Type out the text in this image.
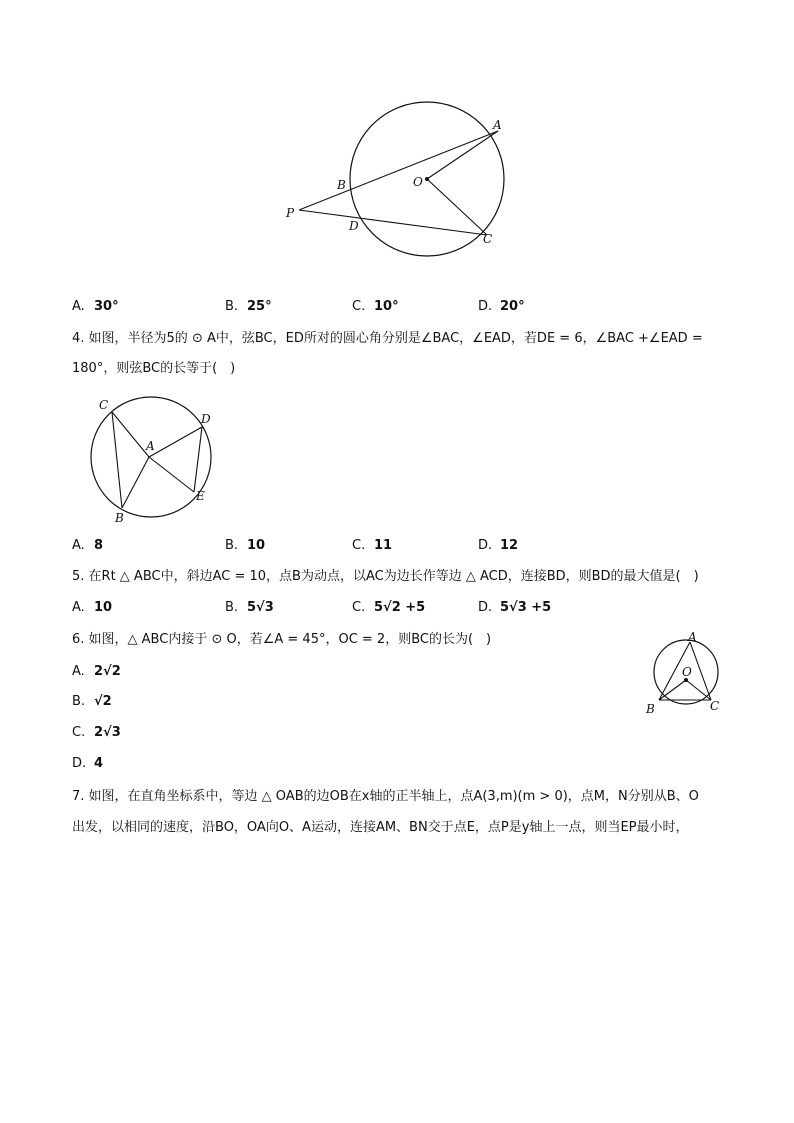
A
B	O
P
D
C
A. 30°	B. 25°	C. 10°	D. 20°
4. 如图，半径为5的 ⊙ A中，弦BC，ED所对的圆心角分别是∠BAC，∠EAD，若DE = 6，∠BAC +∠EAD =
180°，则弦BC的长等于(　)
C
D
A
E
B
A. 8	B. 10	C. 11	D. 12
5. 在Rt △ ABC中，斜边AC = 10，点B为动点，以AC为边长作等边 △ ACD，连接BD，则BD的最大值是(　)
A. 10	B. 5√3	C. 5√2 +5	D. 5√3 +5
6. 如图，△ ABC内接于 ⊙ O，若∠A = 45°，OC = 2，则BC的长为(　)
A. 2√2
B. √2
C. 2√3
D. 4
A
O
B	C
7. 如图，在直角坐标系中，等边 △ OAB的边OB在x轴的正半轴上，点A(3,m)(m > 0)，点M，N分别从B、O
出发，以相同的速度，沿BO，OA向O、A运动，连接AM、BN交于点E，点P是y轴上一点，则当EP最小时，
